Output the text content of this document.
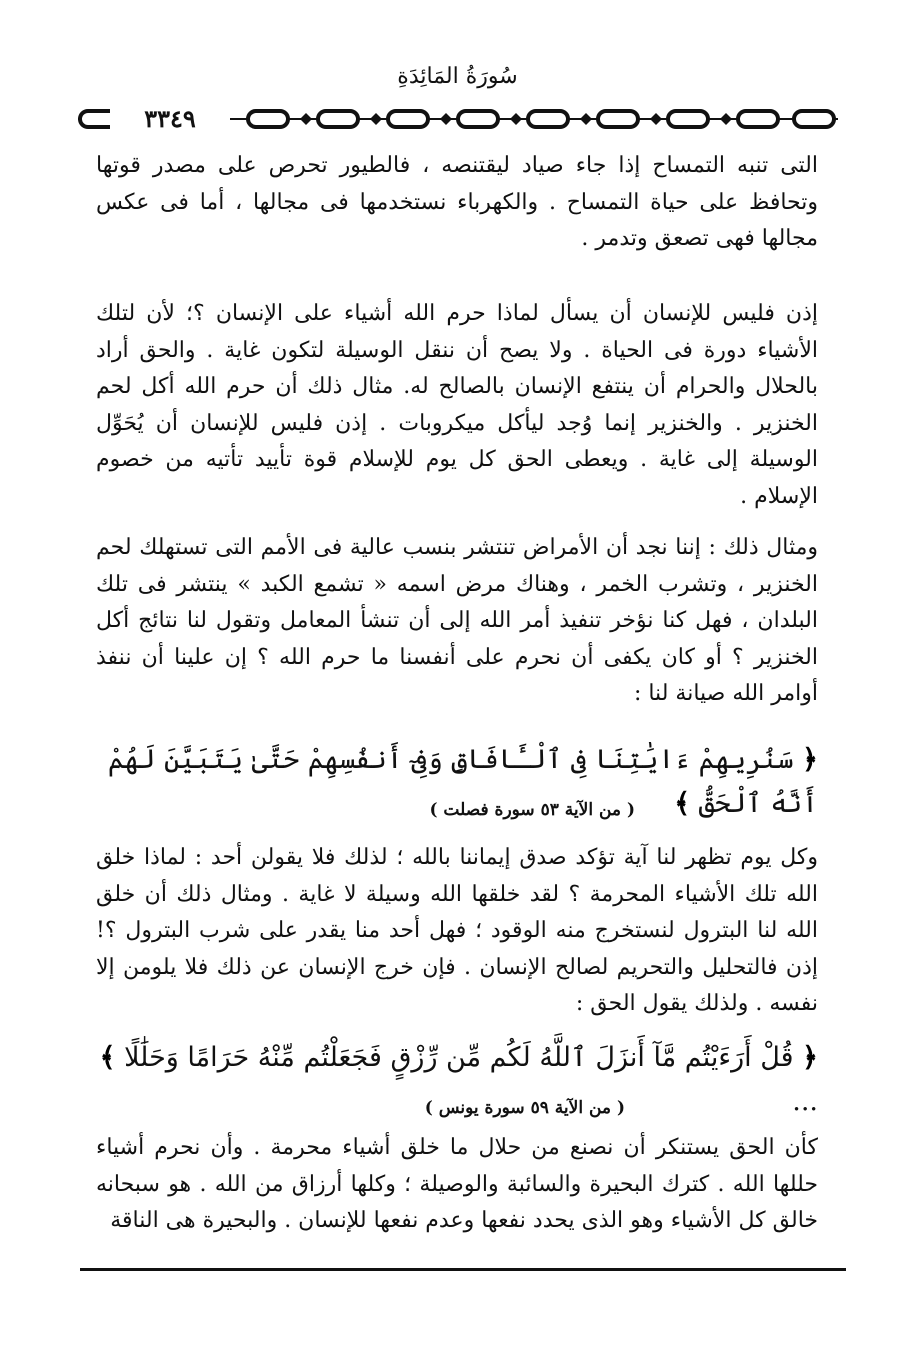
سُورَةُ المَائِدَةِ
٣٣٤٩
التى تنبه التمساح إذا جاء صياد ليقتنصه ، فالطيور تحرص على مصدر قوتها وتحافظ على حياة التمساح . والكهرباء نستخدمها فى مجالها ، أما فى عكس مجالها فهى تصعق وتدمر .
إذن فليس للإنسان أن يسأل لماذا حرم الله أشياء على الإنسان ؟؛ لأن لتلك الأشياء دورة فى الحياة . ولا يصح أن ننقل الوسيلة لتكون غاية . والحق أراد بالحلال والحرام أن ينتفع الإنسان بالصالح له. مثال ذلك أن حرم الله أكل لحم الخنزير . والخنزير إنما وُجد ليأكل ميكروبات . إذن فليس للإنسان أن يُحَوِّل الوسيلة إلى غاية . ويعطى الحق كل يوم للإسلام قوة تأييد تأتيه من خصوم الإسلام .
ومثال ذلك : إننا نجد أن الأمراض تنتشر بنسب عالية فى الأمم التى تستهلك لحم الخنزير ، وتشرب الخمر ، وهناك مرض اسمه « تشمع الكبد » ينتشر فى تلك البلدان ، فهل كنا نؤخر تنفيذ أمر الله إلى أن تنشأ المعامل وتقول لنا نتائج أكل الخنزير ؟ أو كان يكفى أن نحرم على أنفسنا ما حرم الله ؟ إن علينا أن ننفذ أوامر الله صيانة لنا :
﴿ سَنُرِيهِمْ ءَايَٰتِنَا فِى ٱلْـَٔافَاقِ وَفِىٓ أَنفُسِهِمْ حَتَّىٰ يَتَبَيَّنَ لَهُمْ أَنَّهُ ٱلْحَقُّ ﴾
( من الآية ٥٣ سورة فصلت )
وكل يوم تظهر لنا آية تؤكد صدق إيماننا بالله ؛ لذلك فلا يقولن أحد : لماذا خلق الله تلك الأشياء المحرمة ؟ لقد خلقها الله وسيلة لا غاية . ومثال ذلك أن خلق الله لنا البترول لنستخرج منه الوقود ؛ فهل أحد منا يقدر على شرب البترول ؟! إذن فالتحليل والتحريم لصالح الإنسان . فإن خرج الإنسان عن ذلك فلا يلومن إلا نفسه . ولذلك يقول الحق :
﴿ قُلْ أَرَءَيْتُم مَّآ أَنزَلَ ٱللَّهُ لَكُم مِّن رِّزْقٍ فَجَعَلْتُم مِّنْهُ حَرَامًا وَحَلَٰلًا ﴾ ...
( من الآية ٥٩ سورة يونس )
كأن الحق يستنكر أن نصنع من حلال ما خلق أشياء محرمة . وأن نحرم أشياء حللها الله . كترك البحيرة والسائبة والوصيلة ؛ وكلها أرزاق من الله . هو سبحانه خالق كل الأشياء وهو الذى يحدد نفعها وعدم نفعها للإنسان . والبحيرة هى الناقة
